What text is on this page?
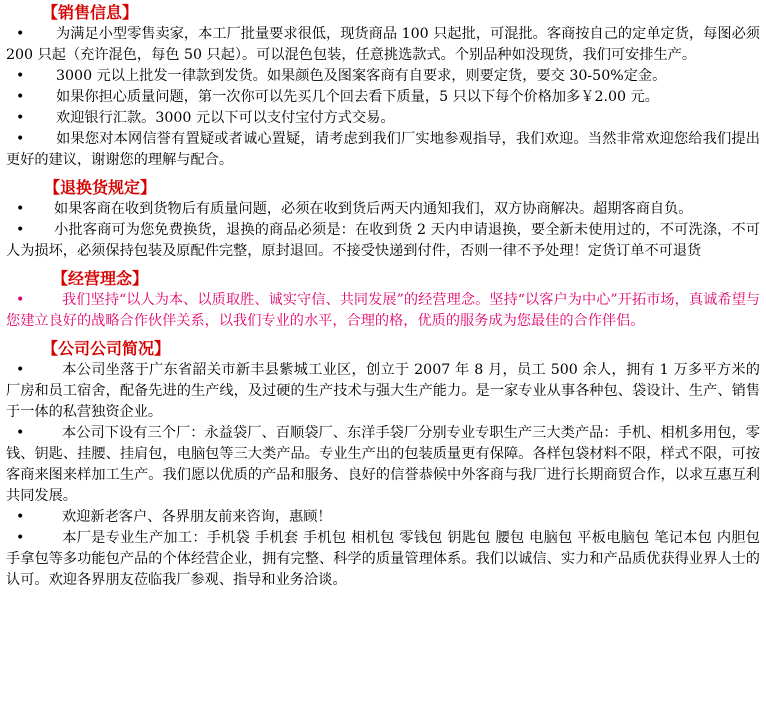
【销售信息】

• 为满足小型零售卖家，本工厂批量要求很低，现货商品 100 只起批，可混批。客商按自己的定单定货，每图必须 200 只起（充许混色，每色 50 只起）。可以混色包装，任意挑选款式。个别品种如没现货，我们可安排生产。

• 3000 元以上批发一律款到发货。如果颜色及图案客商有自要求，则要定货，要交 30-50%定金。

• 如果你担心质量问题，第一次你可以先买几个回去看下质量，5 只以下每个价格加多￥2.00 元。

• 欢迎银行汇款。3000 元以下可以支付宝付方式交易。

• 如果您对本网信誉有置疑或者诚心置疑，请考虑到我们厂实地参观指导，我们欢迎。当然非常欢迎您给我们提出更好的建议，谢谢您的理解与配合。

【退换货规定】

• 如果客商在收到货物后有质量问题，必须在收到货后两天内通知我们，双方协商解决。超期客商自负。

• 小批客商可为您免费换货，退换的商品必须是：在收到货 2 天内申请退换，要全新未使用过的，不可洗涤，不可人为损坏，必须保持包装及原配件完整，原封退回。不接受快递到付件，否则一律不予处理！定货订单不可退货

【经营理念】

•	我们坚持“以人为本、以质取胜、诚实守信、共同发展”的经营理念。坚持“以客户为中心”开拓市场，真诚希望与您建立良好的战略合作伙伴关系，以我们专业的水平，合理的格，优质的服务成为您最佳的合作伴侣。

【公司公司简况】

•	本公司坐落于广东省韶关市新丰县紫城工业区，创立于 2007 年 8 月，员工 500 余人，拥有 1 万多平方米的厂房和员工宿舍，配备先进的生产线，及过硬的生产技术与强大生产能力。是一家专业从事各种包、袋设计、生产、销售于一体的私营独资企业。

•	本公司下设有三个厂：永益袋厂、百顺袋厂、东洋手袋厂分别专业专职生产三大类产品：手机、相机多用包，零钱、钥匙、挂腰、挂肩包，电脑包等三大类产品。专业生产出的包装质量更有保障。各样包袋材料不限，样式不限，可按客商来图来样加工生产。我们愿以优质的产品和服务、良好的信誉恭候中外客商与我厂进行长期商贸合作，以求互惠互利共同发展。

•	欢迎新老客户、各界朋友前来咨询，惠顾！

•	本厂是专业生产加工：手机袋 手机套 手机包 相机包 零钱包 钥匙包 腰包 电脑包 平板电脑包 笔记本包 内胆包 手拿包等多功能包产品的个体经营企业，拥有完整、科学的质量管理体系。我们以诚信、实力和产品质优获得业界人士的认可。欢迎各界朋友莅临我厂参观、指导和业务洽谈。
